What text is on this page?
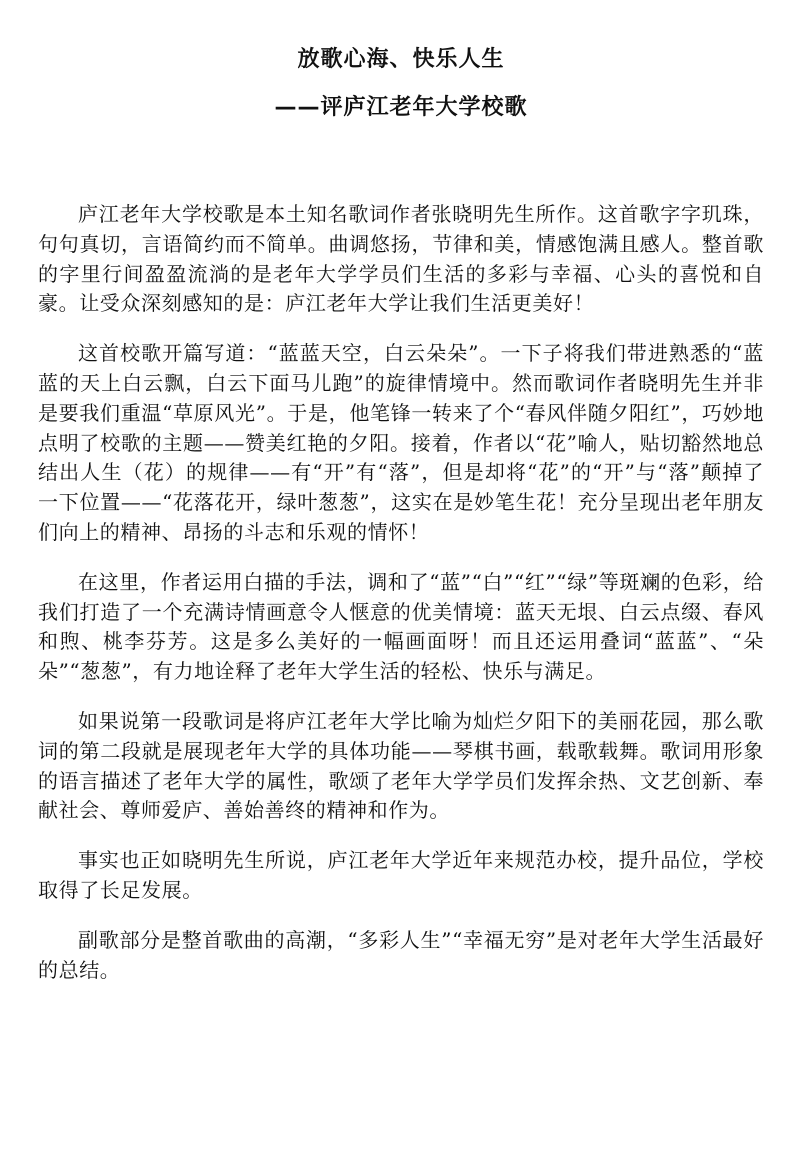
放歌心海、快乐人生
——评庐江老年大学校歌

庐江老年大学校歌是本土知名歌词作者张晓明先生所作。这首歌字字玑珠，句句真切，言语简约而不简单。曲调悠扬，节律和美，情感饱满且感人。整首歌的字里行间盈盈流淌的是老年大学学员们生活的多彩与幸福、心头的喜悦和自豪。让受众深刻感知的是：庐江老年大学让我们生活更美好！

这首校歌开篇写道：“蓝蓝天空，白云朵朵”。一下子将我们带进熟悉的“蓝蓝的天上白云飘，白云下面马儿跑”的旋律情境中。然而歌词作者晓明先生并非是要我们重温“草原风光”。于是，他笔锋一转来了个“春风伴随夕阳红”，巧妙地点明了校歌的主题——赞美红艳的夕阳。接着，作者以“花”喻人，贴切豁然地总结出人生（花）的规律——有“开”有“落”，但是却将“花”的“开”与“落”颠掉了一下位置——“花落花开，绿叶葱葱”，这实在是妙笔生花！充分呈现出老年朋友们向上的精神、昂扬的斗志和乐观的情怀！

在这里，作者运用白描的手法，调和了“蓝”“白”“红”“绿”等斑斓的色彩，给我们打造了一个充满诗情画意令人惬意的优美情境：蓝天无垠、白云点缀、春风和煦、桃李芬芳。这是多么美好的一幅画面呀！而且还运用叠词“蓝蓝”、“朵朵”“葱葱”，有力地诠释了老年大学生活的轻松、快乐与满足。

如果说第一段歌词是将庐江老年大学比喻为灿烂夕阳下的美丽花园，那么歌词的第二段就是展现老年大学的具体功能——琴棋书画，载歌载舞。歌词用形象的语言描述了老年大学的属性，歌颂了老年大学学员们发挥余热、文艺创新、奉献社会、尊师爱庐、善始善终的精神和作为。

事实也正如晓明先生所说，庐江老年大学近年来规范办校，提升品位，学校取得了长足发展。

副歌部分是整首歌曲的高潮，“多彩人生”“幸福无穷”是对老年大学生活最好的总结。
